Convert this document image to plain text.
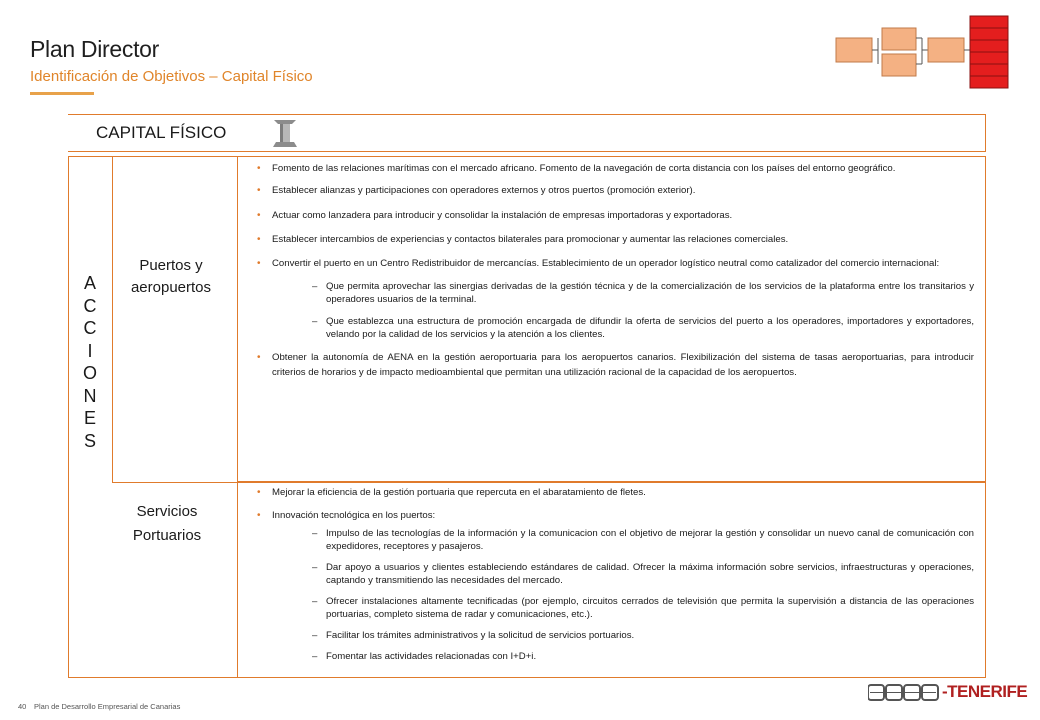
Plan Director
Identificación de Objetivos – Capital Físico
CAPITAL FÍSICO
A
C
C
I
O
N
E
S
Puertos y
aeropuertos

• Fomento de las relaciones marítimas con el mercado africano. Fomento de la navegación de corta distancia con los países del entorno geográfico.

• Establecer alianzas y participaciones con operadores externos y otros puertos (promoción exterior).

• Actuar como lanzadera para introducir y consolidar la instalación de empresas importadoras y exportadoras.

• Establecer intercambios de experiencias y contactos bilaterales para promocionar y aumentar las relaciones comerciales.

• Convertir el puerto en un Centro Redistribuidor de mercancías. Establecimiento de un operador logístico neutral como catalizador del comercio internacional:

– Que permita aprovechar las sinergias derivadas de la gestión técnica y de la comercialización de los servicios de la plataforma entre los transitarios y operadores usuarios de la terminal.

– Que establezca una estructura de promoción encargada de difundir la oferta de servicios del puerto a los operadores, importadores y exportadores, velando por la calidad de los servicios y la atención a los clientes.

• Obtener la autonomía de AENA en la gestión aeroportuaria para los aeropuertos canarios. Flexibilización del sistema de tasas aeroportuarias, para introducir criterios de horarios y de impacto medioambiental que permitan una utilización racional de la capacidad de los aeropuertos.

Servicios
Portuarios

• Mejorar la eficiencia de la gestión portuaria que repercuta en el abaratamiento de fletes.

• Innovación tecnológica en los puertos:

– Impulso de las tecnologías de la información y la comunicacion con el objetivo de mejorar la gestión y consolidar un nuevo canal de comunicación con expedidores, receptores y pasajeros.

– Dar apoyo a usuarios y clientes estableciendo estándares de calidad. Ofrecer la máxima información sobre servicios, infraestructuras y operaciones, captando y transmitiendo las necesidades del mercado.

– Ofrecer instalaciones altamente tecnificadas (por ejemplo, circuitos cerrados de televisión que permita la supervisión a distancia de las operaciones portuarias, completo sistema de radar y comunicaciones, etc.).

– Facilitar los trámites administrativos y la solicitud de servicios portuarios.

– Fomentar las actividades relacionadas con I+D+i.

40 Plan de Desarrollo Empresarial de Canarias
-TENERIFE
